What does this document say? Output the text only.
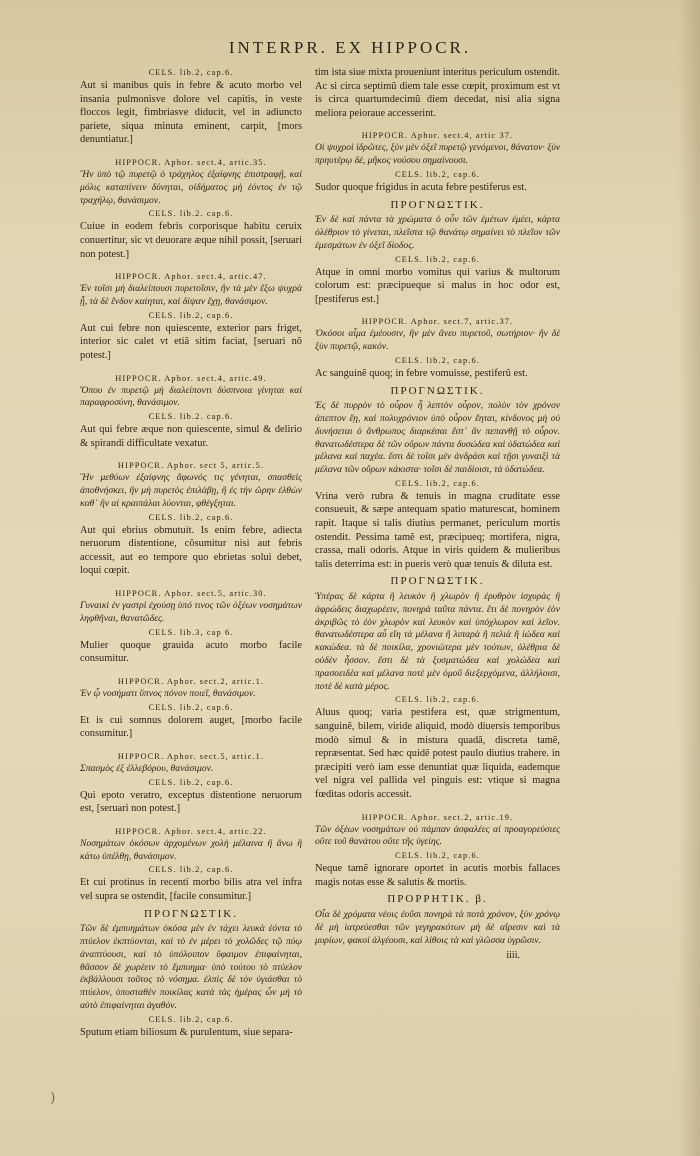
INTERPR. EX HIPPOCR.

CELS. lib.2, cap.6.

Aut si manibus quis in febre & acuto morbo vel insania pulmonisve dolore vel capitis, in veste floccos legit, fimbriasve diducit, vel in adiuncto pariete, siqua minuta eminent, carpit, [mors denuntiatur.]

HIPPOCR. Aphor. sect.4, artic.35.

Ἢν ὑπὸ τῷ πυρετῷ ὁ τράχηλος ἐξαίφνης ἐπιστραφῇ, καὶ μόλις καταπίνειν δύνηται, οἰδήματος μὴ ἐόντος ἐν τῷ τραχήλῳ, θανάσιμον.

CELS. lib.2. cap.6.

Cuiue in eodem febris corporisque habitu ceruix conuertitur, sic vt deuorare æque nihil possit, [seruari non potest.]

HIPPOCR. Aphor. sect.4, artic.47.

Ἐν τοῖσι μὴ διαλείπουσι πυρετοῖσιν, ἢν τὰ μὲν ἔξω ψυχρὰ ᾖ, τὰ δὲ ἔνδον καίηται, καὶ δίψαν ἔχῃ, θανάσιμον.

CELS. lib.2, cap.6.

Aut cui febre non quiescente, exterior pars friget, interior sic calet vt etiã sitim faciat, [seruari nõ potest.]

HIPPOCR. Aphor. sect.4, artic.49.

Ὅπου ἐν πυρετῷ μὴ διαλείποντι δύσπνοια γίνηται καὶ παραφροσύνη, θανάσιμον.

CELS. lib.2. cap.6.

Aut qui febre æque non quiescente, simul & delirio & spirandi difficultate vexatur.

HIPPOCR. Aphor. sect 5, artic.5.

Ἢν μεθύων ἐξαίφνης ἄφωνός τις γένηται, σπασθεὶς ἀποθνήσκει, ἢν μὴ πυρετὸς ἐπιλάβῃ, ἢ ἐς τὴν ὥρην ἐλθὼν καθ᾽ ἣν αἱ κραιπάλαι λύονται, φθέγξηται.

CELS. lib.2, cap.6.

Aut qui ebrius obmutuit. Is enim febre, adiecta neruorum distentione, cõsumitur nisi aut febris accessit, aut eo tempore quo ebrietas solui debet, loqui cœpit.

HIPPOCR. Aphor. sect.5, artic.30.

Γυναικὶ ἐν γαστρὶ ἐχούσῃ ὑπό τινος τῶν ὀξέων νοσημάτων ληφθῆναι, θανατῶδες.

CELS. lib.3, cap 6.

Mulier quoque grauida acuto morbo facile consumitur.

HIPPOCR. Aphor. sect.2, artic.1.

Ἐν ᾧ νοσήματι ὕπνος πόνον ποιεῖ, θανάσιμον.

CELS. lib.2, cap.6.

Et is cui somnus dolorem auget, [morbo facile consumitur.]

HIPPOCR. Aphor. sect.5, artic.1.

Σπασμὸς ἐξ ἐλλεβόρου, θανάσιμον.

CELS. lib.2, cap.6.

Qui epoto veratro, exceptus distentione neruorum est, [seruari non potest.]

HIPPOCR. Aphor. sect.4, artic.22.

Νοσημάτων ὁκόσων ἀρχομένων χολὴ μέλαινα ἢ ἄνω ἢ κάτω ὑπέλθῃ, θανάσιμον.

CELS. lib.2, cap.6.

Et cui protinus in recenti morbo bilis atra vel infra vel supra se ostendit, [facile consumitur.]

ΠΡΟΓΝΩΣΤΙΚ.

Τῶν δὲ ἐμπυημάτων ὁκόσα μὲν ἐν τάχει λευκὰ ἐόντα τὸ πτύελον ἐκπτύονται, καὶ τὸ ἐν μέρει τὸ χολῶδες τῷ πύῳ ἀναπτύουσι, καὶ τὸ ὑπόλοιπον ὕφαιμον ἐπιφαίνηται, θᾶσσον δὲ χωρέειν τὸ ἔμπυημα· ὑπὸ τούτου τὸ πτύελον ἐκβάλλουσι τοῦτος τὸ νόσημα. ἐλπὶς δὲ τὸν ὑγιάσθαι τὸ πτύελον, ὑποσταθὲν ποικίλας κατὰ τὰς ἡμέρας ὧν μὴ τὸ αὐτὸ ἐπιφαίνηται ἀγαθόν.

CELS. lib.2, cap.6.

Sputum etiam biliosum & purulentum, siue separa-

tim ista siue mixta proueniunt interitus periculum ostendit. Ac si circa septimũ diem tale esse cœpit, proximum est vt is circa quartumdecimũ diem decedat, nisi alia signa meliora peioraue accesserint.

HIPPOCR. Aphor. sect.4, artic 37.

Οἱ ψυχροὶ ἱδρῶτες, ξὺν μὲν ὀξεῖ πυρετῷ γενόμενοι, θάνατον· ξὺν πρηυτέρῳ δέ, μῆκος νούσου σημαίνουσι.

CELS. lib.2, cap.6.

Sudor quoque frigidus in acuta febre pestiferus est.

ΠΡΟΓΝΩΣΤΙΚ.

Ἐν δὲ καὶ πάντα τὰ χρώματα ὁ οὖν τῶν ἐμέτων ἐμέει, κάρτα ὀλέθριον τὸ γίνεται, πλεῖστα τῷ θανάτῳ σημαίνει τὸ πλεῖον τῶν ἐμεσμάτων ἐν ὀξεῖ δίοδος.

CELS. lib.2, cap.6.

Atque in omni morbo vomitus qui varius & multorum colorum est: præcipueque si malus in hoc odor est, [pestiferus est.]

HIPPOCR. Aphor. sect.7, artic.37.

Ὁκόσοι αἷμα ἐμέουσιν, ἢν μὲν ἄνευ πυρετοῦ, σωτήριον· ἢν δὲ ξὺν πυρετῷ, κακόν.

CELS. lib.2, cap.6.

Ac sanguinẽ quoq; in febre vomuisse, pestiferũ est.

ΠΡΟΓΝΩΣΤΙΚ.

Ἐς δὲ πυρρὸν τὸ οὖρον ἦ λεπτὸν οὖρον, πολὺν τὸν χρόνον ἀπεπτον ἔῃ, καὶ πολυχρόνιον ὑπὸ οὖρον ἔηται, κίνδυνος μὴ οὐ δυνήσεται ὁ ἄνθρωπος διαρκέσαι ἔστ᾽ ἂν πεπανθῇ τὸ οὖρον. θανατωδέστερα δὲ τῶν οὔρων πάντα δυσώδεα καὶ ὑδατώδεα καὶ μέλανα καὶ παχέα. ἔστι δὲ τοῖσι μὲν ἀνδράσι καὶ τῇσι γυναιξὶ τὰ μέλανα τῶν οὔρων κάκιστα· τοῖσι δὲ παιδίοισι, τὰ ὑδατώδεα.

CELS. lib.2, cap.6.

Vrina verò rubra & tenuis in magna cruditate esse consueuit, & sæpe antequam spatio maturescat, hominem rapit. Itaque si talis diutius permanet, periculum mortis ostendit. Pessima tamẽ est, præcipueq; mortifera, nigra, crassa, mali odoris. Atque in viris quidem & mulieribus talis deterrima est: in pueris verò quæ tenuis & diluta est.

ΠΡΟΓΝΩΣΤΙΚ.

Ὑπέρας δὲ κάρτα ἢ λευκὸν ἢ χλωρὸν ἢ ἐρυθρὸν ἰσχυρὰς ἢ ἀφρώδεις διαχωρέειν, πονηρὰ ταῦτα πάντα. ἔτι δὲ πονηρὸν ἐὸν ἀκριβῶς τὸ ἐὸν χλωρὸν καὶ λευκὸν καὶ ὑπόχλωρον καὶ λεῖον. θανατωδέστερα αὖ εἴη τὰ μέλανα ἢ λιπαρὰ ἢ πελιὰ ἢ ἰώδεα καὶ κακώδεα. τὰ δὲ ποικίλα, χρονιώτερα μὲν τούτων, ὀλέθρια δὲ οὐδὲν ἧσσον. ἔστι δὲ τὰ ξυσματώδεα καὶ χολώδεα καὶ πρασοειδέα καὶ μέλανα ποτὲ μὲν ὁμοῦ διεξερχόμενα, ἀλλήλοισι, ποτὲ δὲ κατὰ μέρος.

CELS. lib.2, cap.6.

Aluus quoq; varia pestifera est, quæ strigmentum, sanguinẽ, bilem, viride aliquid, modò diuersis temporibus modò simul & in mistura quadã, discreta tamẽ, repræsentat. Sed hæc quidẽ potest paulo diutius trahere. in præcipiti verò iam esse denuntiat quæ liquida, eademque vel nigra vel pallida vel pinguis est: vtique si magna fœditas odoris accessit.

HIPPOCR. Aphor. sect.2, artic.19.

Τῶν ὀξέων νοσημάτων οὐ πάμπαν ἀσφαλέες αἱ προαγορεύσιες οὔτε τοῦ θανάτου οὔτε τῆς ὑγείης.

CELS. lib.2, cap.6.

Neque tamẽ ignorare oportet in acutis morbis fallaces magis notas esse & salutis & mortis.

ΠΡΟΡΡΗΤΙΚ. β.

Οἷα δὲ χρόματα νέοις ἐοῦσι πονηρὰ τὰ ποτὰ χρόνον, ξὺν χρόνῳ δὲ μὴ ἰατρεύεσθαι τῶν γεγηρακότων μὴ δὲ αἵρεσιν καὶ τὰ μυρίων, φακοὶ ἀλγέουσι, καὶ λίθοις τὰ καὶ γλῶσσα ὑγρῶσιν.

iiii.
)
